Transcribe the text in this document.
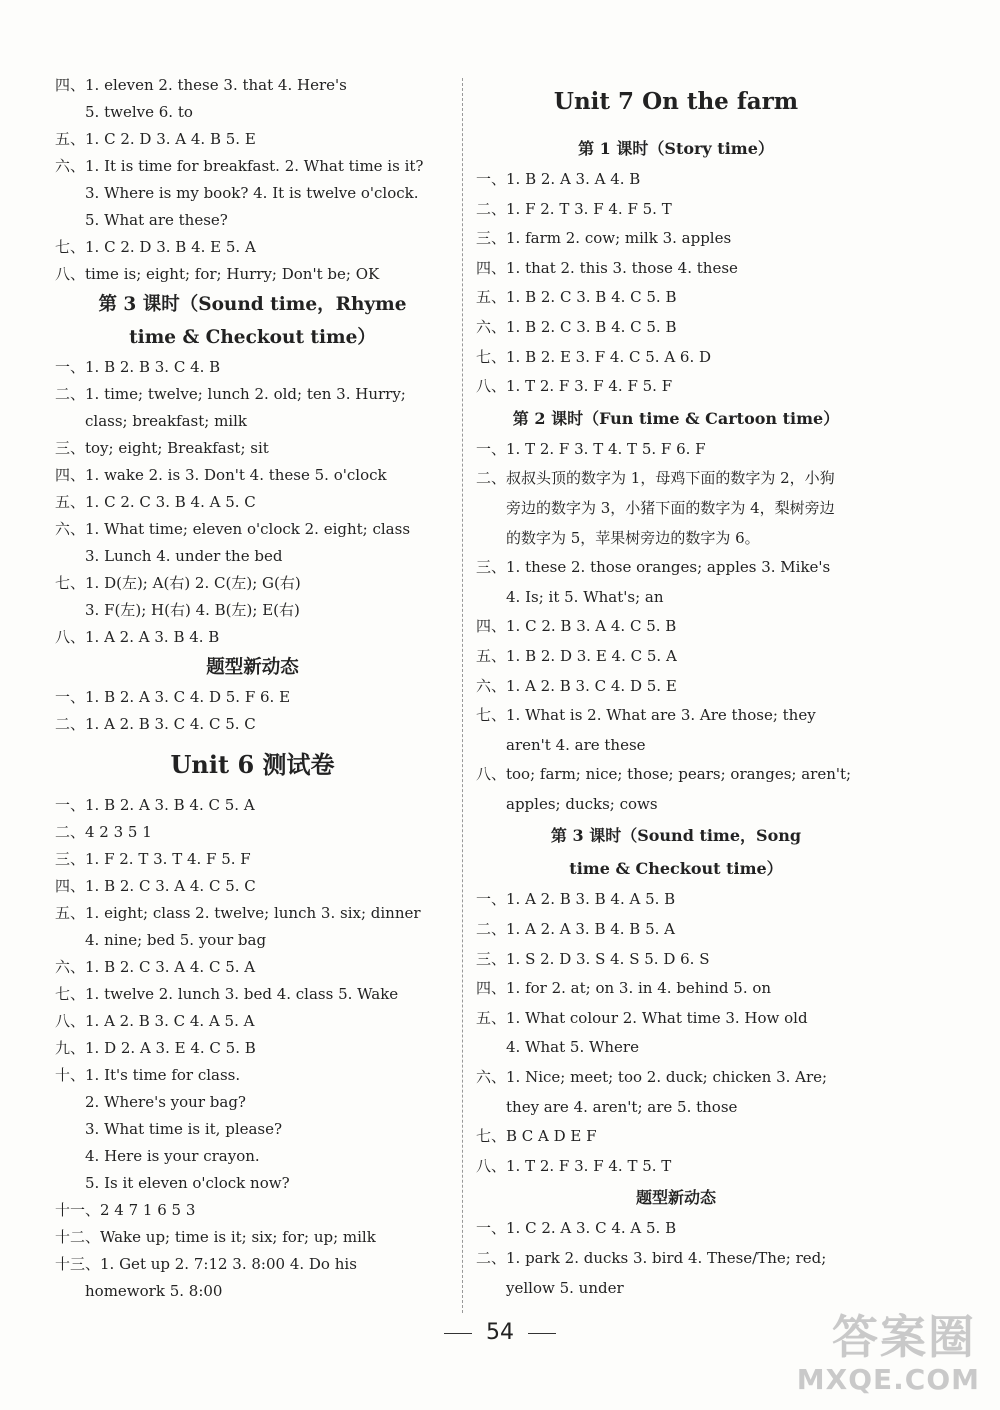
四、1. eleven 2. these 3. that 4. Here's
5. twelve 6. to
五、1. C 2. D 3. A 4. B 5. E
六、1. It is time for breakfast. 2. What time is it?
3. Where is my book? 4. It is twelve o'clock.
5. What are these?
七、1. C 2. D 3. B 4. E 5. A
八、time is; eight; for; Hurry; Don't be; OK
第 3 课时（Sound time，Rhyme
time & Checkout time）
一、1. B 2. B 3. C 4. B
二、1. time; twelve; lunch 2. old; ten 3. Hurry;
class; breakfast; milk
三、toy; eight; Breakfast; sit
四、1. wake 2. is 3. Don't 4. these 5. o'clock
五、1. C 2. C 3. B 4. A 5. C
六、1. What time; eleven o'clock 2. eight; class
3. Lunch 4. under the bed
七、1. D(左); A(右) 2. C(左); G(右)
3. F(左); H(右) 4. B(左); E(右)
八、1. A 2. A 3. B 4. B
题型新动态
一、1. B 2. A 3. C 4. D 5. F 6. E
二、1. A 2. B 3. C 4. C 5. C
Unit 6 测试卷
一、1. B 2. A 3. B 4. C 5. A
二、4 2 3 5 1
三、1. F 2. T 3. T 4. F 5. F
四、1. B 2. C 3. A 4. C 5. C
五、1. eight; class 2. twelve; lunch 3. six; dinner
4. nine; bed 5. your bag
六、1. B 2. C 3. A 4. C 5. A
七、1. twelve 2. lunch 3. bed 4. class 5. Wake
八、1. A 2. B 3. C 4. A 5. A
九、1. D 2. A 3. E 4. C 5. B
十、1. It's time for class.
2. Where's your bag?
3. What time is it, please?
4. Here is your crayon.
5. Is it eleven o'clock now?
十一、2 4 7 1 6 5 3
十二、Wake up; time is it; six; for; up; milk
十三、1. Get up 2. 7:12 3. 8:00 4. Do his
homework 5. 8:00
Unit 7 On the farm
第 1 课时（Story time）
一、1. B 2. A 3. A 4. B
二、1. F 2. T 3. F 4. F 5. T
三、1. farm 2. cow; milk 3. apples
四、1. that 2. this 3. those 4. these
五、1. B 2. C 3. B 4. C 5. B
六、1. B 2. C 3. B 4. C 5. B
七、1. B 2. E 3. F 4. C 5. A 6. D
八、1. T 2. F 3. F 4. F 5. F
第 2 课时（Fun time & Cartoon time）
一、1. T 2. F 3. T 4. T 5. F 6. F
二、叔叔头顶的数字为 1，母鸡下面的数字为 2，小狗
旁边的数字为 3，小猪下面的数字为 4，梨树旁边
的数字为 5，苹果树旁边的数字为 6。
三、1. these 2. those oranges; apples 3. Mike's
4. Is; it 5. What's; an
四、1. C 2. B 3. A 4. C 5. B
五、1. B 2. D 3. E 4. C 5. A
六、1. A 2. B 3. C 4. D 5. E
七、1. What is 2. What are 3. Are those; they
aren't 4. are these
八、too; farm; nice; those; pears; oranges; aren't;
apples; ducks; cows
第 3 课时（Sound time，Song
time & Checkout time）
一、1. A 2. B 3. B 4. A 5. B
二、1. A 2. A 3. B 4. B 5. A
三、1. S 2. D 3. S 4. S 5. D 6. S
四、1. for 2. at; on 3. in 4. behind 5. on
五、1. What colour 2. What time 3. How old
4. What 5. Where
六、1. Nice; meet; too 2. duck; chicken 3. Are;
they are 4. aren't; are 5. those
七、B C A D E F
八、1. T 2. F 3. F 4. T 5. T
题型新动态
一、1. C 2. A 3. C 4. A 5. B
二、1. park 2. ducks 3. bird 4. These/The; red;
yellow 5. under
54	答案圈
MXQE.COM
